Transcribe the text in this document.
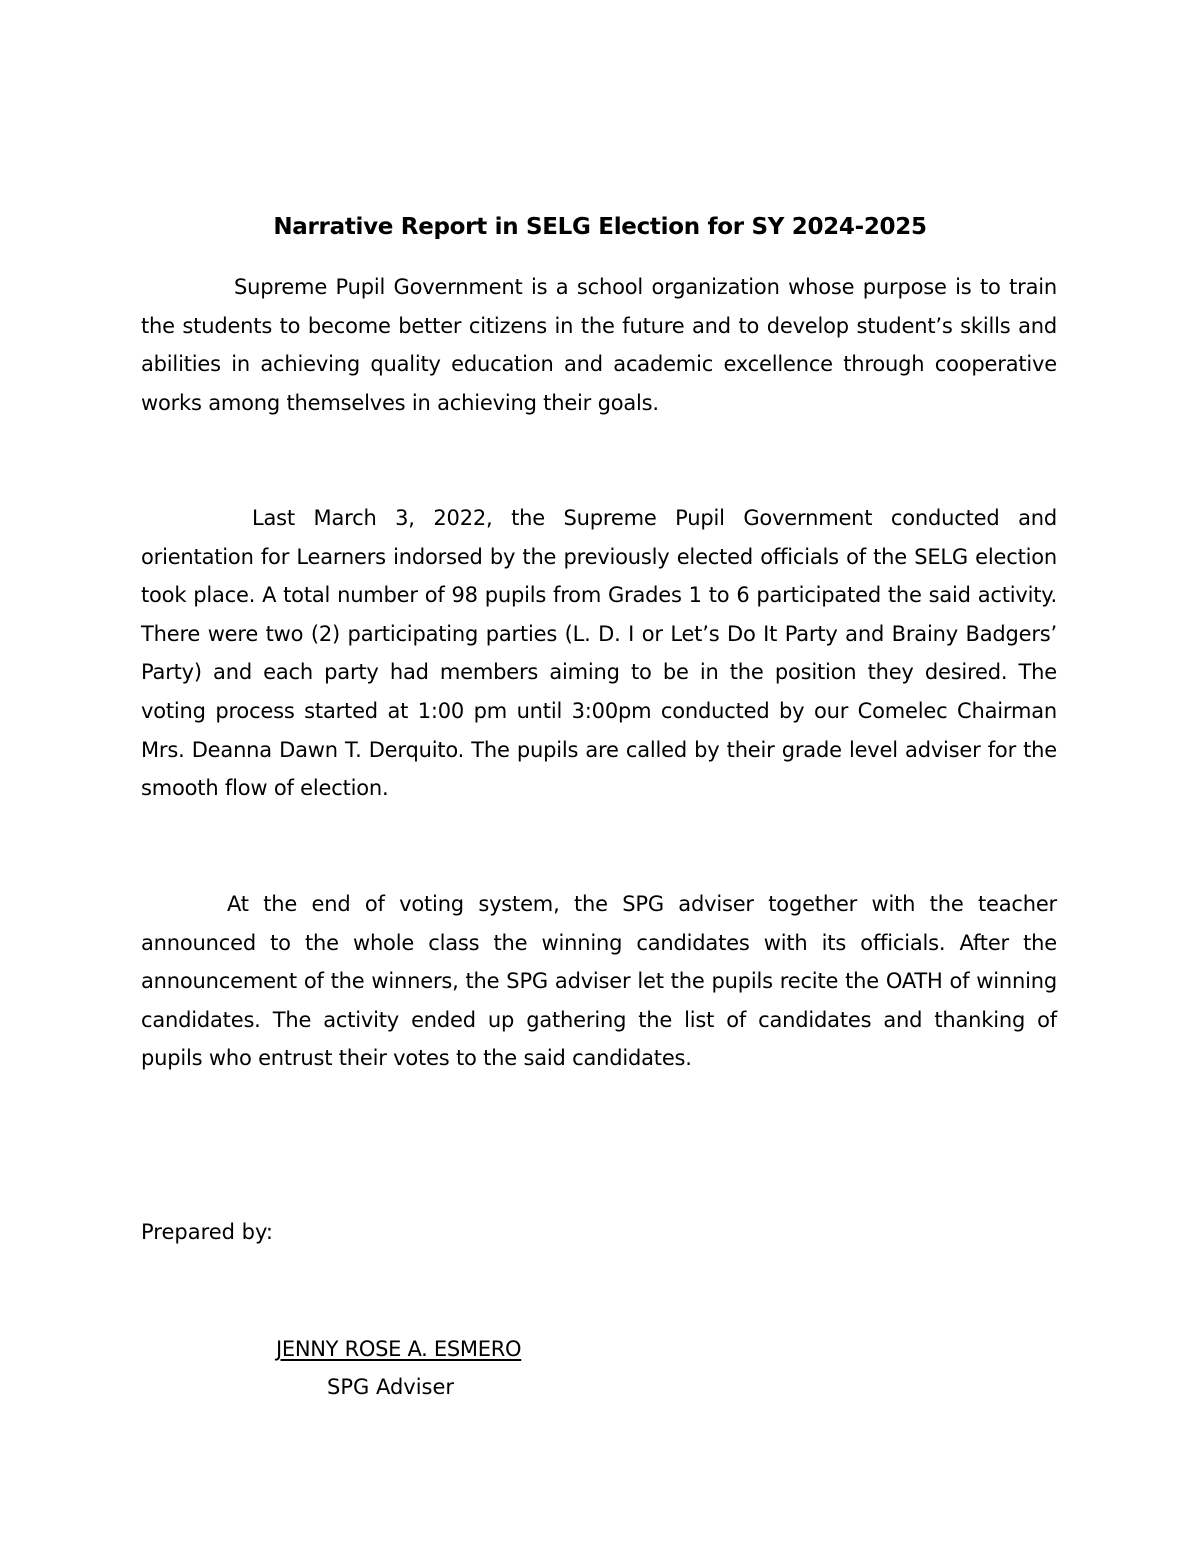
Narrative Report in SELG Election for SY 2024-2025

Supreme Pupil Government is a school organization whose purpose is to train the students to become better citizens in the future and to develop student’s skills and abilities in achieving quality education and academic excellence through cooperative works among themselves in achieving their goals.

Last March 3, 2022, the Supreme Pupil Government conducted and orientation for Learners indorsed by the previously elected officials of the SELG election took place. A total number of 98 pupils from Grades 1 to 6 participated the said activity. There were two (2) participating parties (L. D. I or Let’s Do It Party and Brainy Badgers’ Party) and each party had members aiming to be in the position they desired. The voting process started at 1:00 pm until 3:00pm conducted by our Comelec Chairman Mrs. Deanna Dawn T. Derquito. The pupils are called by their grade level adviser for the smooth flow of election.

At the end of voting system, the SPG adviser together with the teacher announced to the whole class the winning candidates with its officials. After the announcement of the winners, the SPG adviser let the pupils recite the OATH of winning candidates. The activity ended up gathering the list of candidates and thanking of pupils who entrust their votes to the said candidates.

Prepared by:

JENNY ROSE A. ESMERO

SPG Adviser
